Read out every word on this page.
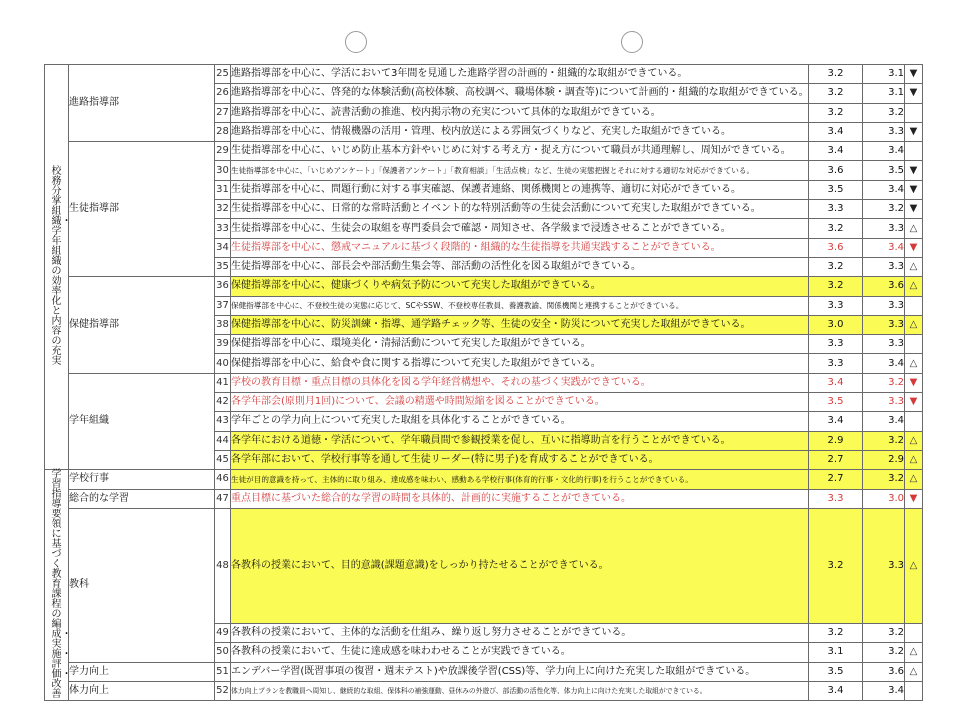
校務分掌組織・学年組織の効率化と内容の充実	進路指導部	25	進路指導部を中心に、学活において3年間を見通した進路学習の計画的・組織的な取組ができている。	3.2	3.1	▼
		26	進路指導部を中心に、啓発的な体験活動(高校体験、高校調べ、職場体験・調査等)について計画的・組織的な取組ができている。	3.2	3.1	▼
		27	進路指導部を中心に、読書活動の推進、校内掲示物の充実について具体的な取組ができている。	3.2	3.2	
		28	進路指導部を中心に、情報機器の活用・管理、校内放送による雰囲気づくりなど、充実した取組ができている。	3.4	3.3	▼
	生徒指導部	29	生徒指導部を中心に、いじめ防止基本方針やいじめに対する考え方・捉え方について職員が共通理解し、周知ができている。	3.4	3.4	
		30	生徒指導部を中心に、「いじめアンケート」「保護者アンケート」「教育相談」「生活点検」など、生徒の実態把握とそれに対する適切な対応ができている。	3.6	3.5	▼
		31	生徒指導部を中心に、問題行動に対する事実確認、保護者連絡、関係機関との連携等、適切に対応ができている。	3.5	3.4	▼
		32	生徒指導部を中心に、日常的な常時活動とイベント的な特別活動等の生徒会活動について充実した取組ができている。	3.3	3.2	▼
		33	生徒指導部を中心に、生徒会の取組を専門委員会で確認・周知させ、各学級まで浸透させることができている。	3.2	3.3	△
		34	生徒指導部を中心に、懲戒マニュアルに基づく段階的・組織的な生徒指導を共通実践することができている。	3.6	3.4	▼
		35	生徒指導部を中心に、部長会や部活動生集会等、部活動の活性化を図る取組ができている。	3.2	3.3	△
	保健指導部	36	保健指導部を中心に、健康づくりや病気予防について充実した取組ができている。	3.2	3.6	△
		37	保健指導部を中心に、不登校生徒の実態に応じて、SCやSSW、不登校専任教員、養護教諭、関係機関と連携することができている。	3.3	3.3	
		38	保健指導部を中心に、防災訓練・指導、通学路チェック等、生徒の安全・防災について充実した取組ができている。	3.0	3.3	△
		39	保健指導部を中心に、環境美化・清掃活動について充実した取組ができている。	3.3	3.3	
		40	保健指導部を中心に、給食や食に関する指導について充実した取組ができている。	3.3	3.4	△
	学年組織	41	学校の教育目標・重点目標の具体化を図る学年経営構想や、それの基づく実践ができている。	3.4	3.2	▼
		42	各学年部会(原則月1回)について、会議の精選や時間短縮を図ることができている。	3.5	3.3	▼
		43	学年ごとの学力向上について充実した取組を具体化することができている。	3.4	3.4	
		44	各学年における道徳・学活について、学年職員間で参観授業を促し、互いに指導助言を行うことができている。	2.9	3.2	△
		45	各学年部において、学校行事等を通して生徒リーダー(特に男子)を育成することができている。	2.7	2.9	△
学習指導要領に基づく教育課程の編成・実施・評価・改善	学校行事	46	生徒が目的意識を持って、主体的に取り組み、達成感を味わい、感動ある学校行事(体育的行事・文化的行事)を行うことができている。	2.7	3.2	△
	総合的な学習	47	重点目標に基づいた総合的な学習の時間を具体的、計画的に実施することができている。	3.3	3.0	▼
	教科	48	各教科の授業において、目的意識(課題意識)をしっかり持たせることができている。	3.2	3.3	△
		49	各教科の授業において、主体的な活動を仕組み、繰り返し努力させることができている。	3.2	3.2	
		50	各教科の授業において、生徒に達成感を味わわせることが実践できている。	3.1	3.2	△
	学力向上	51	エンデバー学習(既習事項の復習・週末テスト)や放課後学習(CSS)等、学力向上に向けた充実した取組ができている。	3.5	3.6	△
	体力向上	52	体力向上プランを教職員へ周知し、継続的な取組、保体科の補強運動、昼休みの外遊び、部活動の活性化等、体力向上に向けた充実した取組ができている。	3.4	3.4	
